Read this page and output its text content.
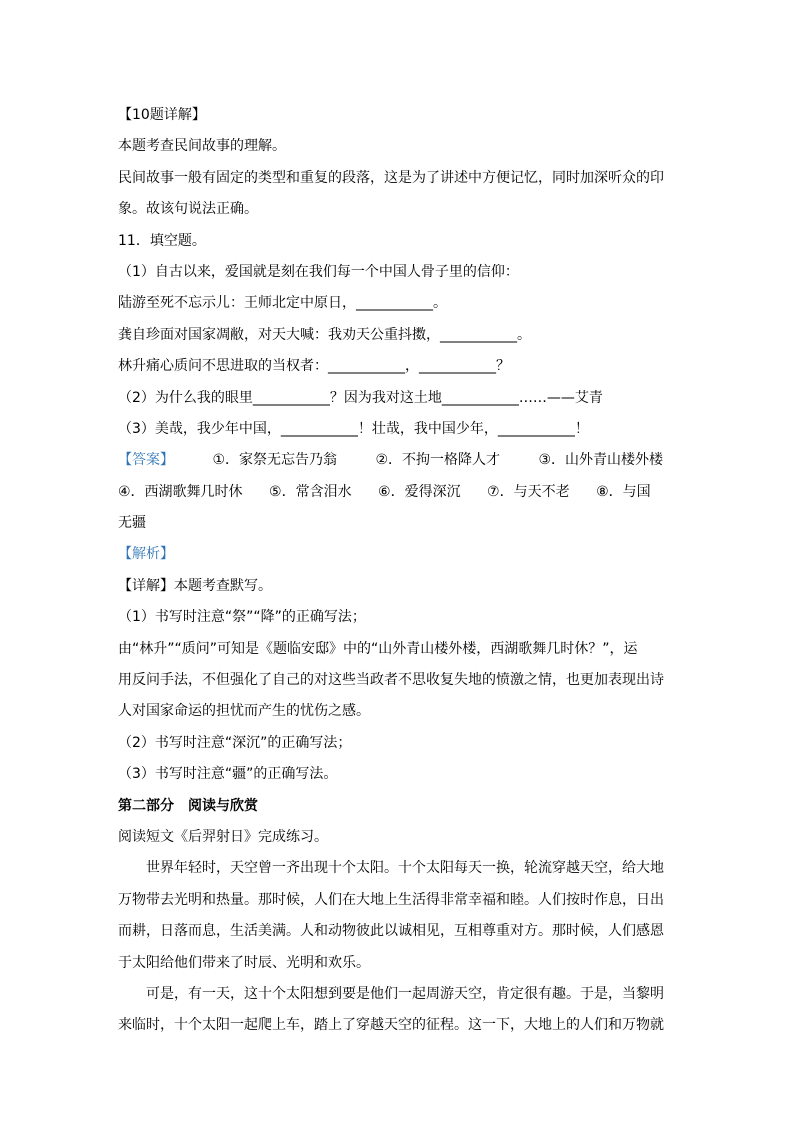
【10题详解】
本题考查民间故事的理解。
民间故事一般有固定的类型和重复的段落，这是为了讲述中方便记忆，同时加深听众的印
象。故该句说法正确。
11．填空题。
（1）自古以来，爱国就是刻在我们每一个中国人骨子里的信仰：
陆游至死不忘示儿：王师北定中原日，___________。
龚自珍面对国家凋敝，对天大喊：我劝天公重抖擞，___________。
林升痛心质问不思进取的当权者：___________，___________？
（2）为什么我的眼里___________？因为我对这土地___________……——艾青
（3）美哉，我少年中国，___________！壮哉，我中国少年，___________！
【答案】	①．家祭无忘告乃翁	②．不拘一格降人才	③．山外青山楼外楼
④．西湖歌舞几时休 ⑤．常含泪水 ⑥．爱得深沉 ⑦．与天不老 ⑧．与国
无疆
【解析】
【详解】本题考查默写。
（1）书写时注意“祭”“降”的正确写法；
由“林升”“质问”可知是《题临安邸》中的“山外青山楼外楼，西湖歌舞几时休？”，运
用反问手法，不但强化了自己的对这些当政者不思收复失地的愤激之情，也更加表现出诗
人对国家命运的担忧而产生的忧伤之感。
（2）书写时注意“深沉”的正确写法；
（3）书写时注意“疆”的正确写法。
第二部分　阅读与欣赏
阅读短文《后羿射日》完成练习。
世界年轻时，天空曾一齐出现十个太阳。十个太阳每天一换，轮流穿越天空，给大地
万物带去光明和热量。那时候，人们在大地上生活得非常幸福和睦。人们按时作息，日出
而耕，日落而息，生活美满。人和动物彼此以诚相见，互相尊重对方。那时候，人们感恩
于太阳给他们带来了时辰、光明和欢乐。
可是，有一天，这十个太阳想到要是他们一起周游天空，肯定很有趣。于是，当黎明
来临时，十个太阳一起爬上车，踏上了穿越天空的征程。这一下，大地上的人们和万物就
